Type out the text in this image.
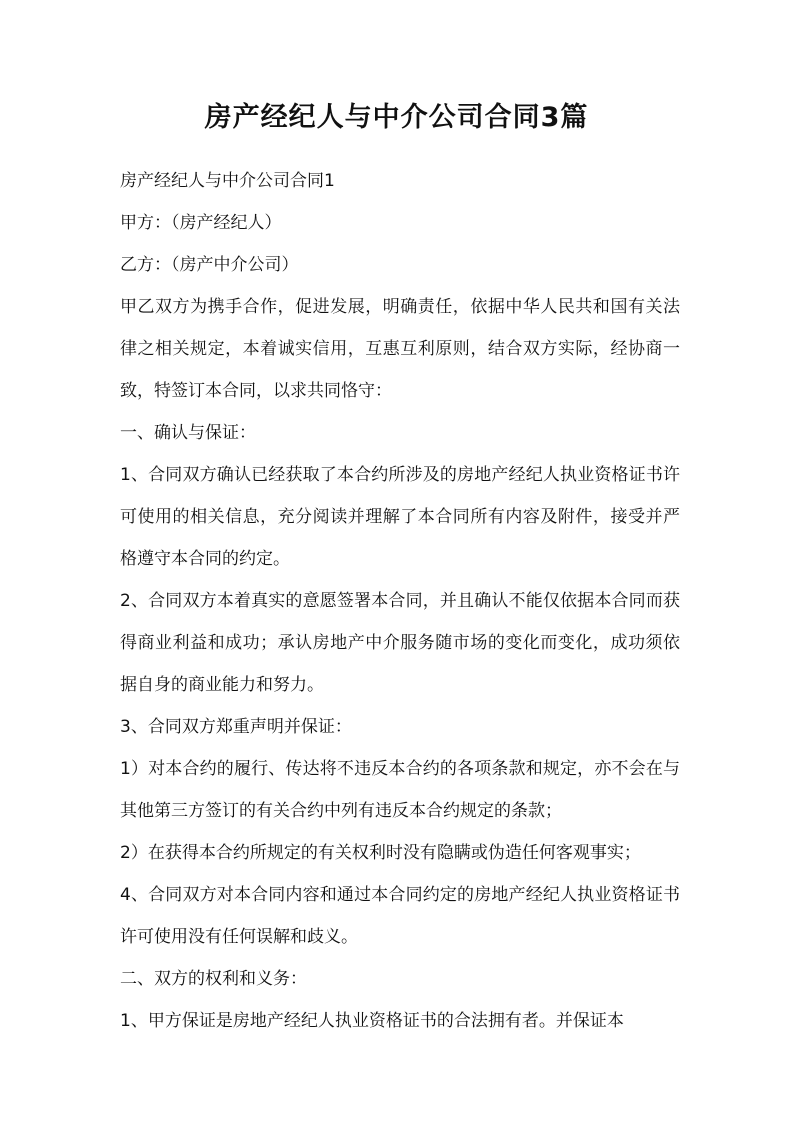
房产经纪人与中介公司合同3篇

房产经纪人与中介公司合同1

甲方：（房产经纪人）

乙方：（房产中介公司）

甲乙双方为携手合作，促进发展，明确责任，依据中华人民共和国有关法律之相关规定，本着诚实信用，互惠互利原则，结合双方实际，经协商一致，特签订本合同，以求共同恪守：

一、确认与保证：

1、合同双方确认已经获取了本合约所涉及的房地产经纪人执业资格证书许可使用的相关信息，充分阅读并理解了本合同所有内容及附件，接受并严格遵守本合同的约定。

2、合同双方本着真实的意愿签署本合同，并且确认不能仅依据本合同而获得商业利益和成功；承认房地产中介服务随市场的变化而变化，成功须依据自身的商业能力和努力。

3、合同双方郑重声明并保证：

1）对本合约的履行、传达将不违反本合约的各项条款和规定，亦不会在与其他第三方签订的有关合约中列有违反本合约规定的条款；

2）在获得本合约所规定的有关权利时没有隐瞒或伪造任何客观事实；

4、合同双方对本合同内容和通过本合同约定的房地产经纪人执业资格证书许可使用没有任何误解和歧义。

二、双方的权利和义务：

1、甲方保证是房地产经纪人执业资格证书的合法拥有者。并保证本
